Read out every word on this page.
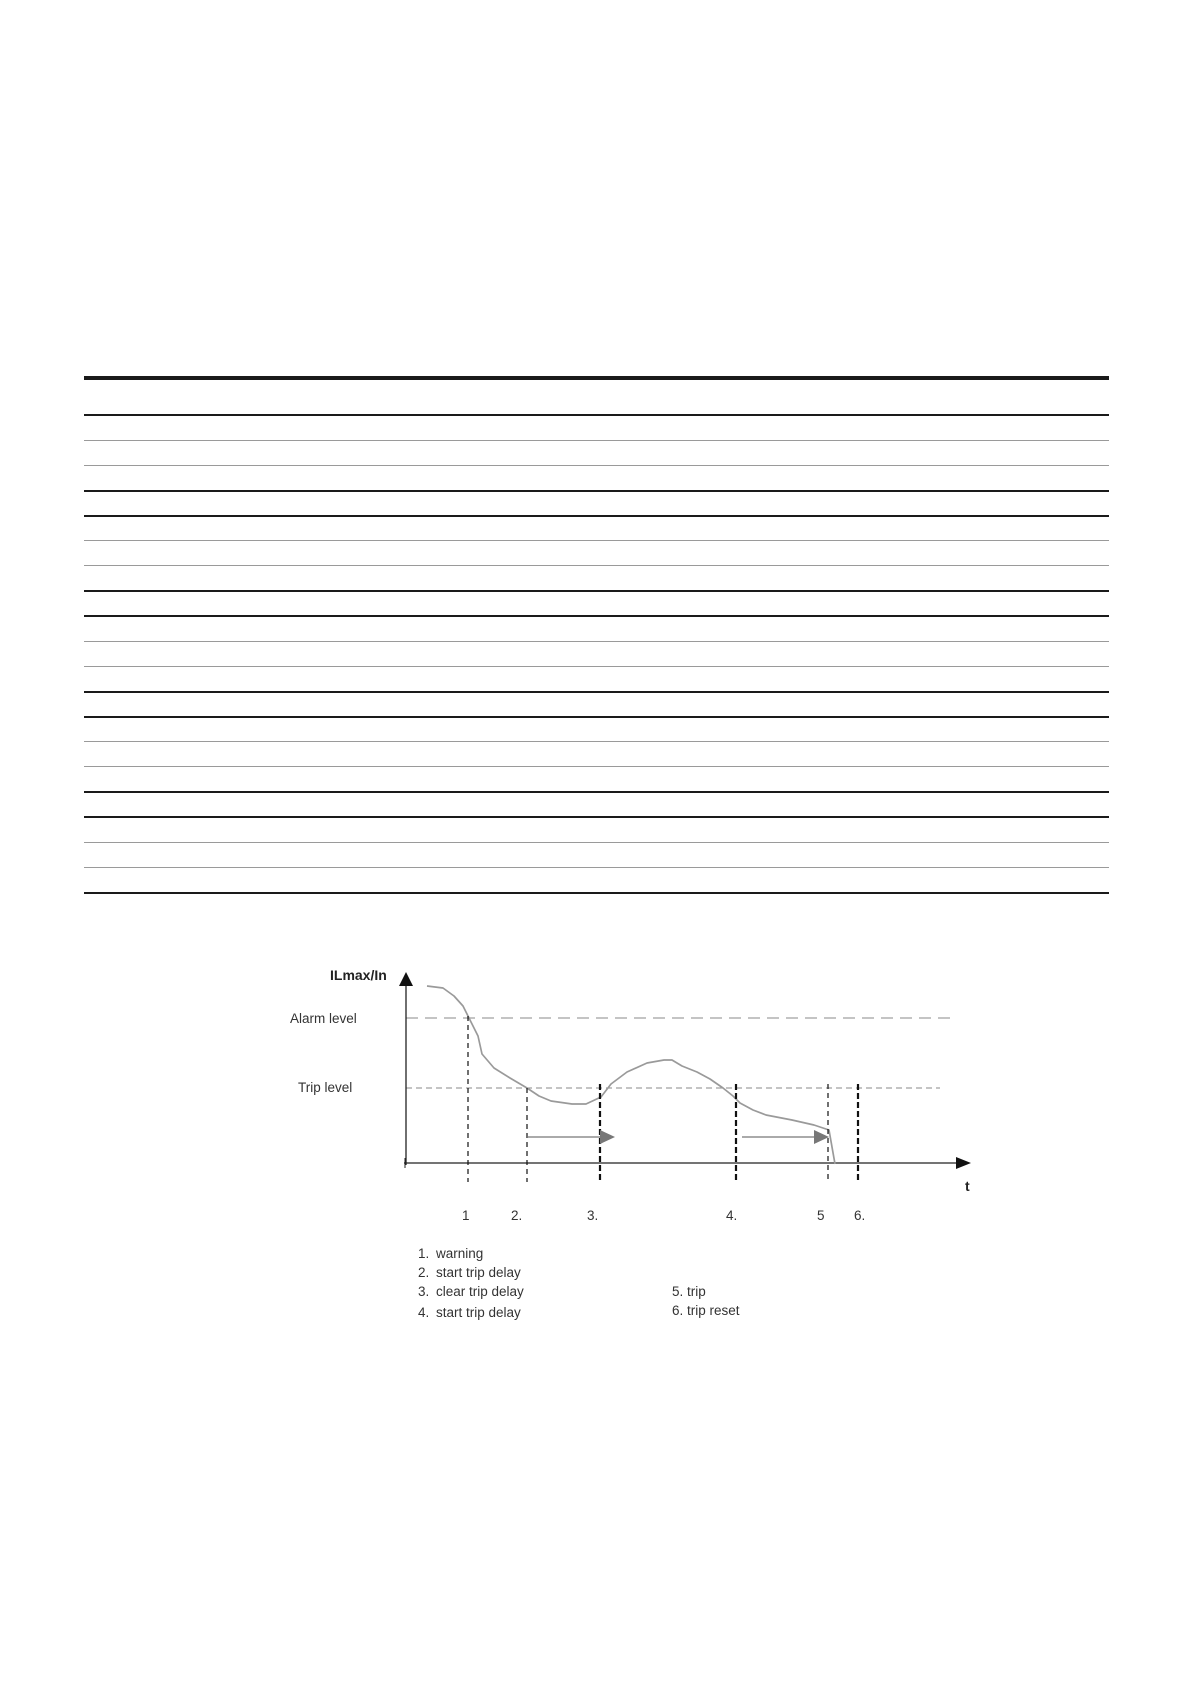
ILmax/In
Alarm level
Trip level
t
1	2.	3.	4.	5 6.
1. warning
2. start trip delay
3. clear trip delay
4. start trip delay
5. trip
6. trip reset
